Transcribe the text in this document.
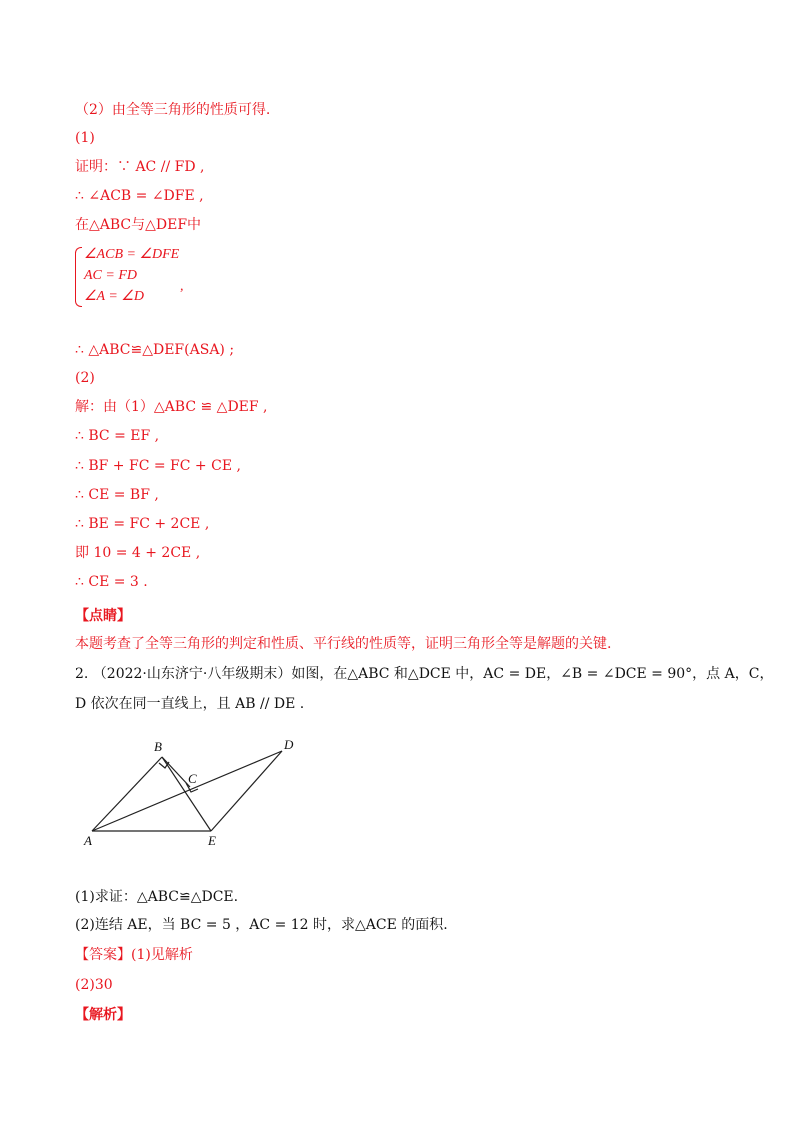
（2）由全等三角形的性质可得.
(1)
证明：∵ AC // FD ,
∴ ∠ACB = ∠DFE ,
在△ABC与△DEF中
∠ACB = ∠DFE
AC = FD
∠A = ∠D
,
∴ △ABC≌△DEF(ASA) ;
(2)
解：由（1）△ABC ≌ △DEF ,
∴ BC = EF ,
∴ BF + FC = FC + CE ,
∴ CE = BF ,
∴ BE = FC + 2CE ,
即 10 = 4 + 2CE ,
∴ CE = 3 .
【点睛】
本题考查了全等三角形的判定和性质、平行线的性质等，证明三角形全等是解题的关键.
2. （2022·山东济宁·八年级期末）如图，在△ABC 和△DCE 中，AC = DE，∠B = ∠DCE = 90°，点 A，C，
D 依次在同一直线上，且 AB // DE .
B
C
D
A	E
(1)求证：△ABC≌△DCE.
(2)连结 AE，当 BC = 5 ，AC = 12 时，求△ACE 的面积.
【答案】(1)见解析
(2)30
【解析】
